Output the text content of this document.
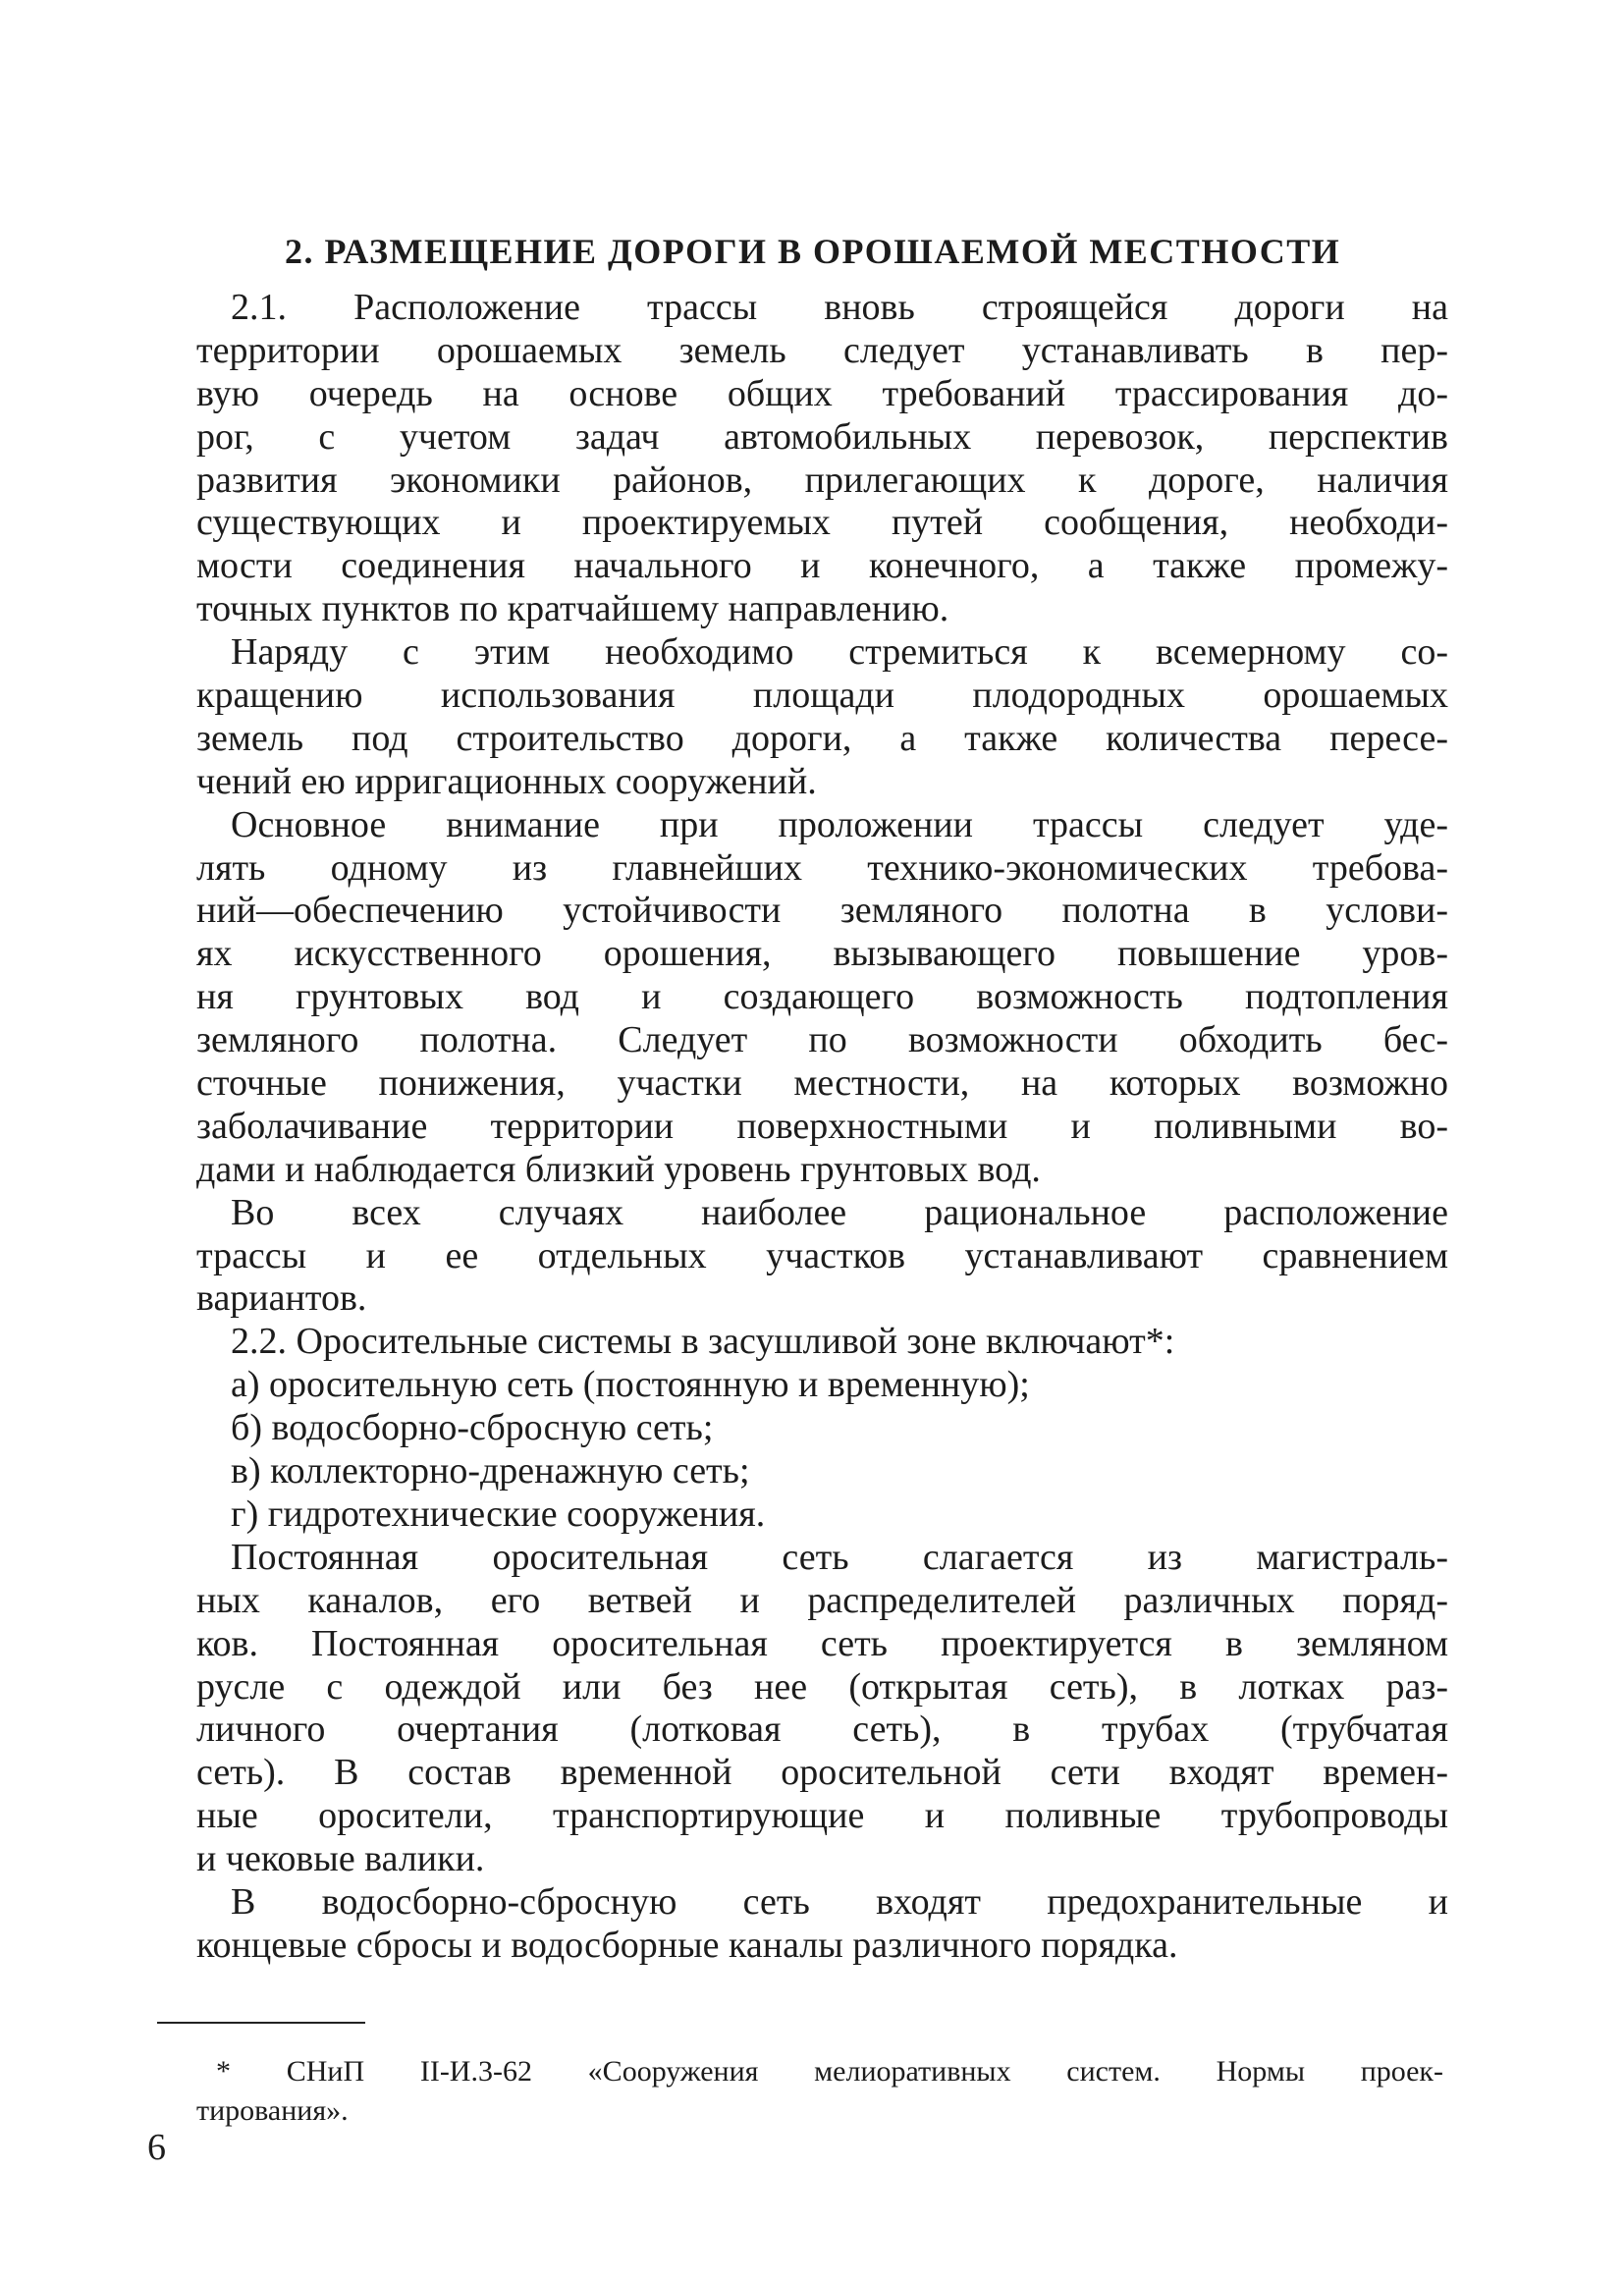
2. РАЗМЕЩЕНИЕ ДОРОГИ В ОРОШАЕМОЙ МЕСТНОСТИ
2.1. Расположение трассы вновь строящейся дороги на
территории орошаемых земель следует устанавливать в пер-
вую очередь на основе общих требований трассирования до-
рог, с учетом задач автомобильных перевозок, перспектив
развития экономики районов, прилегающих к дороге, наличия
существующих и проектируемых путей сообщения, необходи-
мости соединения начального и конечного, а также промежу-
точных пунктов по кратчайшему направлению.
Наряду с этим необходимо стремиться к всемерному со-
кращению использования площади плодородных орошаемых
земель под строительство дороги, а также количества пересе-
чений ею ирригационных сооружений.
Основное внимание при проложении трассы следует уде-
лять одному из главнейших технико-экономических требова-
ний—обеспечению устойчивости земляного полотна в услови-
ях искусственного орошения, вызывающего повышение уров-
ня грунтовых вод и создающего возможность подтопления
земляного полотна. Следует по возможности обходить бес-
сточные понижения, участки местности, на которых возможно
заболачивание территории поверхностными и поливными во-
дами и наблюдается близкий уровень грунтовых вод.
Во всех случаях наиболее рациональное расположение
трассы и ее отдельных участков устанавливают сравнением
вариантов.
2.2. Оросительные системы в засушливой зоне включают*:
а) оросительную сеть (постоянную и временную);
б) водосборно-сбросную сеть;
в) коллекторно-дренажную сеть;
г) гидротехнические сооружения.
Постоянная оросительная сеть слагается из магистраль-
ных каналов, его ветвей и распределителей различных поряд-
ков. Постоянная оросительная сеть проектируется в земляном
русле с одеждой или без нее (открытая сеть), в лотках раз-
личного очертания (лотковая сеть), в трубах (трубчатая
сеть). В состав временной оросительной сети входят времен-
ные оросители, транспортирующие и поливные трубопроводы
и чековые валики.
В водосборно-сбросную сеть входят предохранительные и
концевые сбросы и водосборные каналы различного порядка.
* СНиП II-И.3-62 «Сооружения мелиоративных систем. Нормы проек-
тирования».
6
